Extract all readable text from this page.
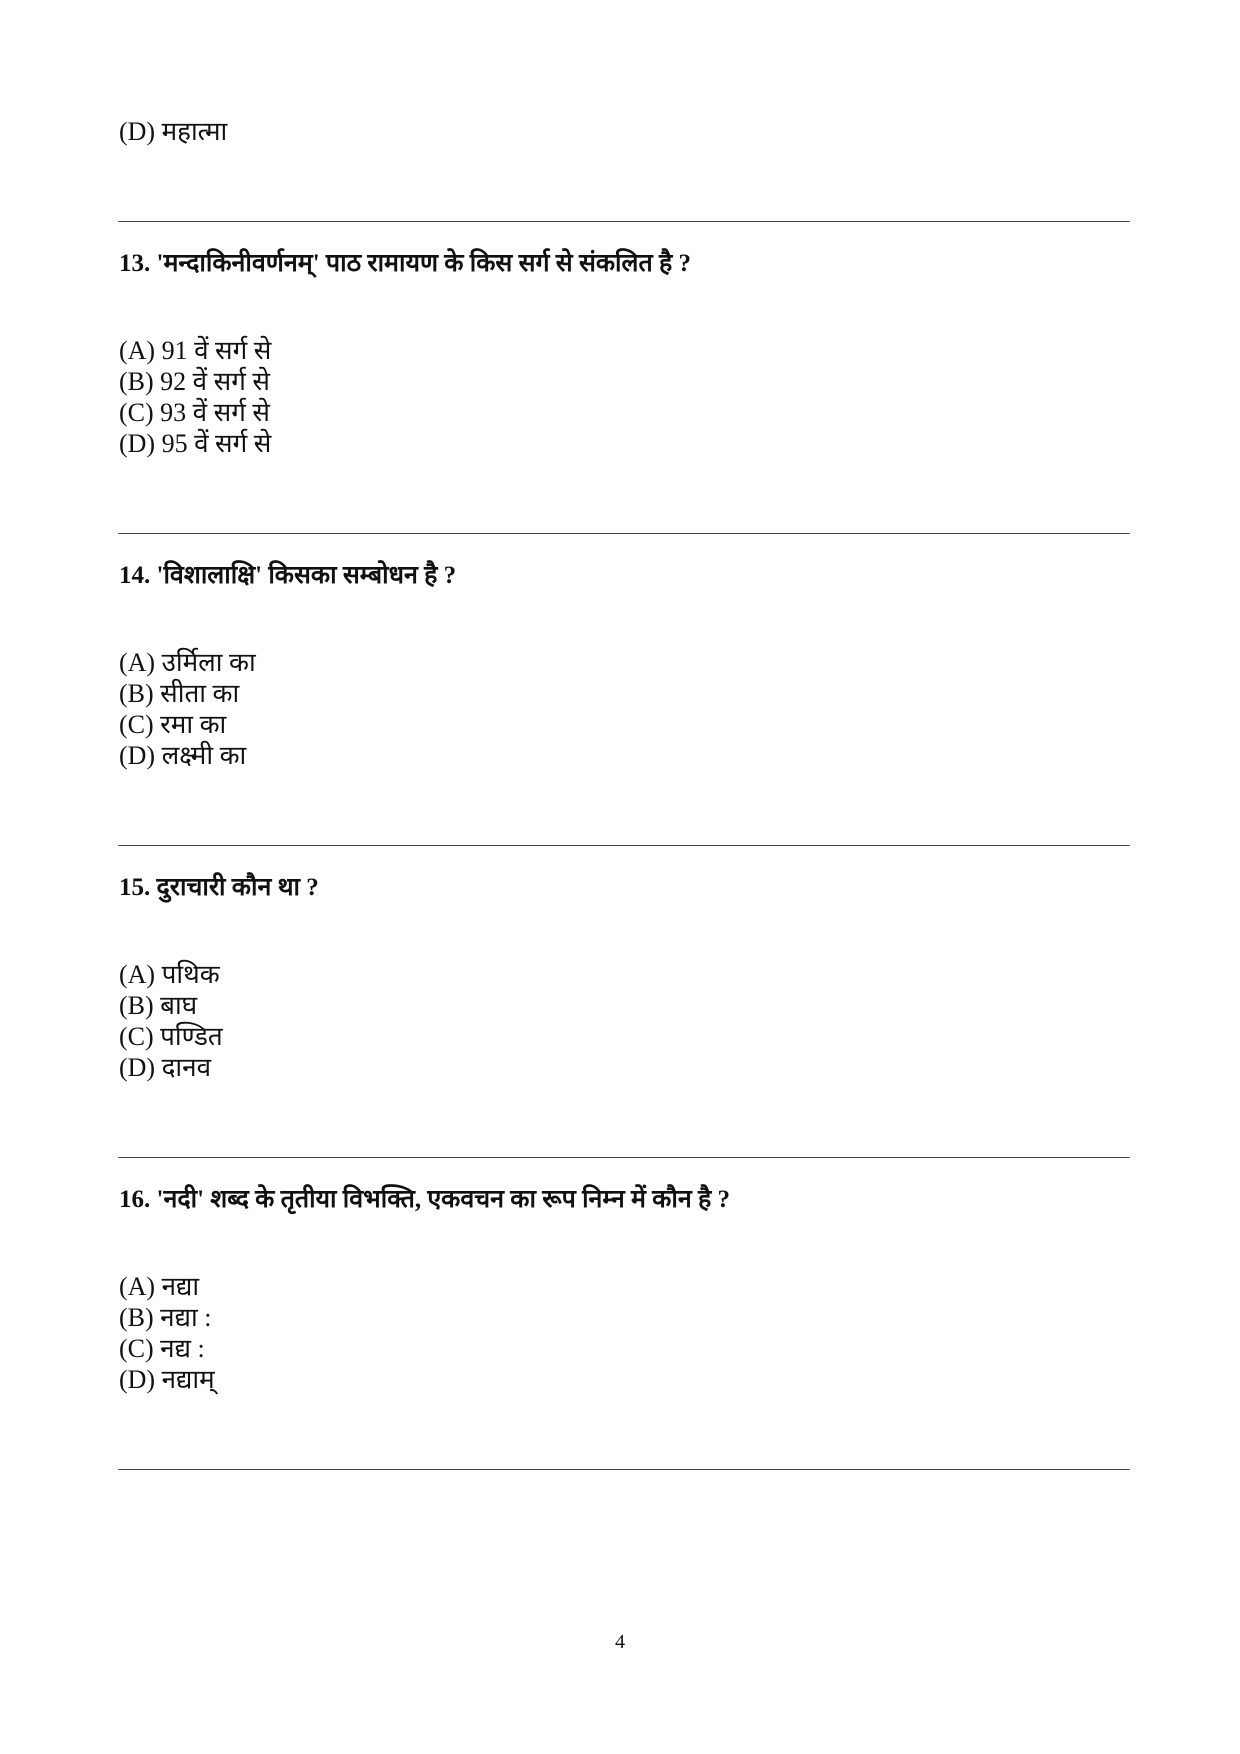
(D) महात्मा

13. 'मन्दाकिनीवर्णनम्' पाठ रामायण के किस सर्ग से संकलित है ?

(A) 91 वें सर्ग से

(B) 92 वें सर्ग से

(C) 93 वें सर्ग से

(D) 95 वें सर्ग से

14. 'विशालाक्षि' किसका सम्बोधन है ?

(A) उर्मिला का

(B) सीता का

(C) रमा का

(D) लक्ष्मी का

15. दुराचारी कौन था ?

(A) पथिक

(B) बाघ

(C) पण्डित

(D) दानव

16. 'नदी' शब्द के तृतीया विभक्ति, एकवचन का रूप निम्न में कौन है ?

(A) नद्या

(B) नद्या :

(C) नद्य :

(D) नद्याम्

4
